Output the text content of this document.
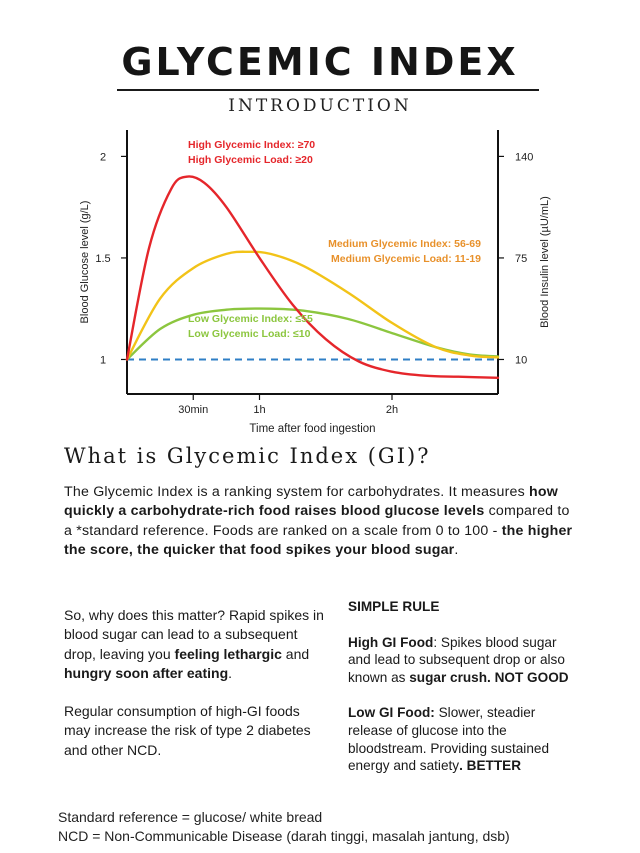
GLYCEMIC INDEX
INTRODUCTION
1
1.5
2
10
75
140
30min	1h	2h
Time after food ingestion
Blood Glucose level (g/L)	Blood Insulin level (µU/mL)
High Glycemic Index: ≥70
High Glycemic Load: ≥20
Medium Glycemic Index: 56-69
Medium Glycemic Load: 11-19
Low Glycemic Index: ≤55
Low Glycemic Load: ≤10
What is Glycemic Index (GI)?
The Glycemic Index is a ranking system for carbohydrates. It measures how quickly a carbohydrate-rich food raises blood glucose levels compared to a *standard reference. Foods are ranked on a scale from 0 to 100 - the higher the score, the quicker that food spikes your blood sugar.

So, why does this matter? Rapid spikes in blood sugar can lead to a subsequent drop, leaving you feeling lethargic and hungry soon after eating.

Regular consumption of high-GI foods may increase the risk of type 2 diabetes and other NCD.

SIMPLE RULE

High GI Food: Spikes blood sugar and lead to subsequent drop or also known as sugar crush. NOT GOOD

Low GI Food: Slower, steadier release of glucose into the bloodstream. Providing sustained energy and satiety. BETTER

Standard reference = glucose/ white bread
NCD = Non-Communicable Disease (darah tinggi, masalah jantung, dsb)
